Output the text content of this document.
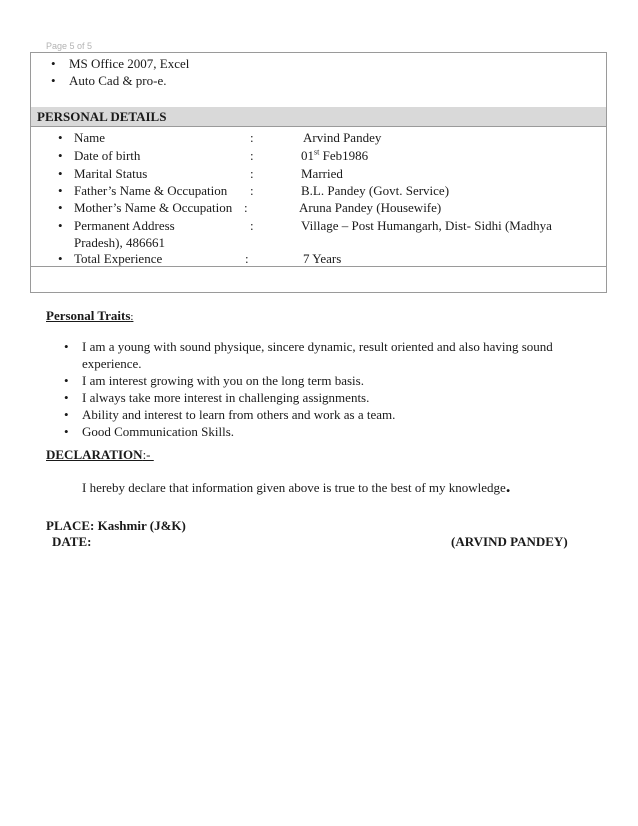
Page 5 of 5
MS Office 2007, Excel
Auto Cad & pro-e.
PERSONAL DETAILS
• Name	:	Arvind Pandey
• Date of birth	:	01st Feb1986
• Marital Status	:	Married
• Father’s Name & Occupation :	B.L. Pandey (Govt. Service)
• Mother’s Name & Occupation :	Aruna Pandey (Housewife)
• Permanent Address	:	Village – Post Humangarh, Dist- Sidhi (Madhya
Pradesh), 486661
• Total Experience	:	7 Years
Personal Traits:
• I am a young with sound physique, sincere dynamic, result oriented and also having sound experience.
• I am interest growing with you on the long term basis.
• I always take more interest in challenging assignments.
• Ability and interest to learn from others and work as a team.
• Good Communication Skills.
DECLARATION:-
I hereby declare that information given above is true to the best of my knowledge.
PLACE: Kashmir (J&K)
DATE:	(ARVIND PANDEY)
